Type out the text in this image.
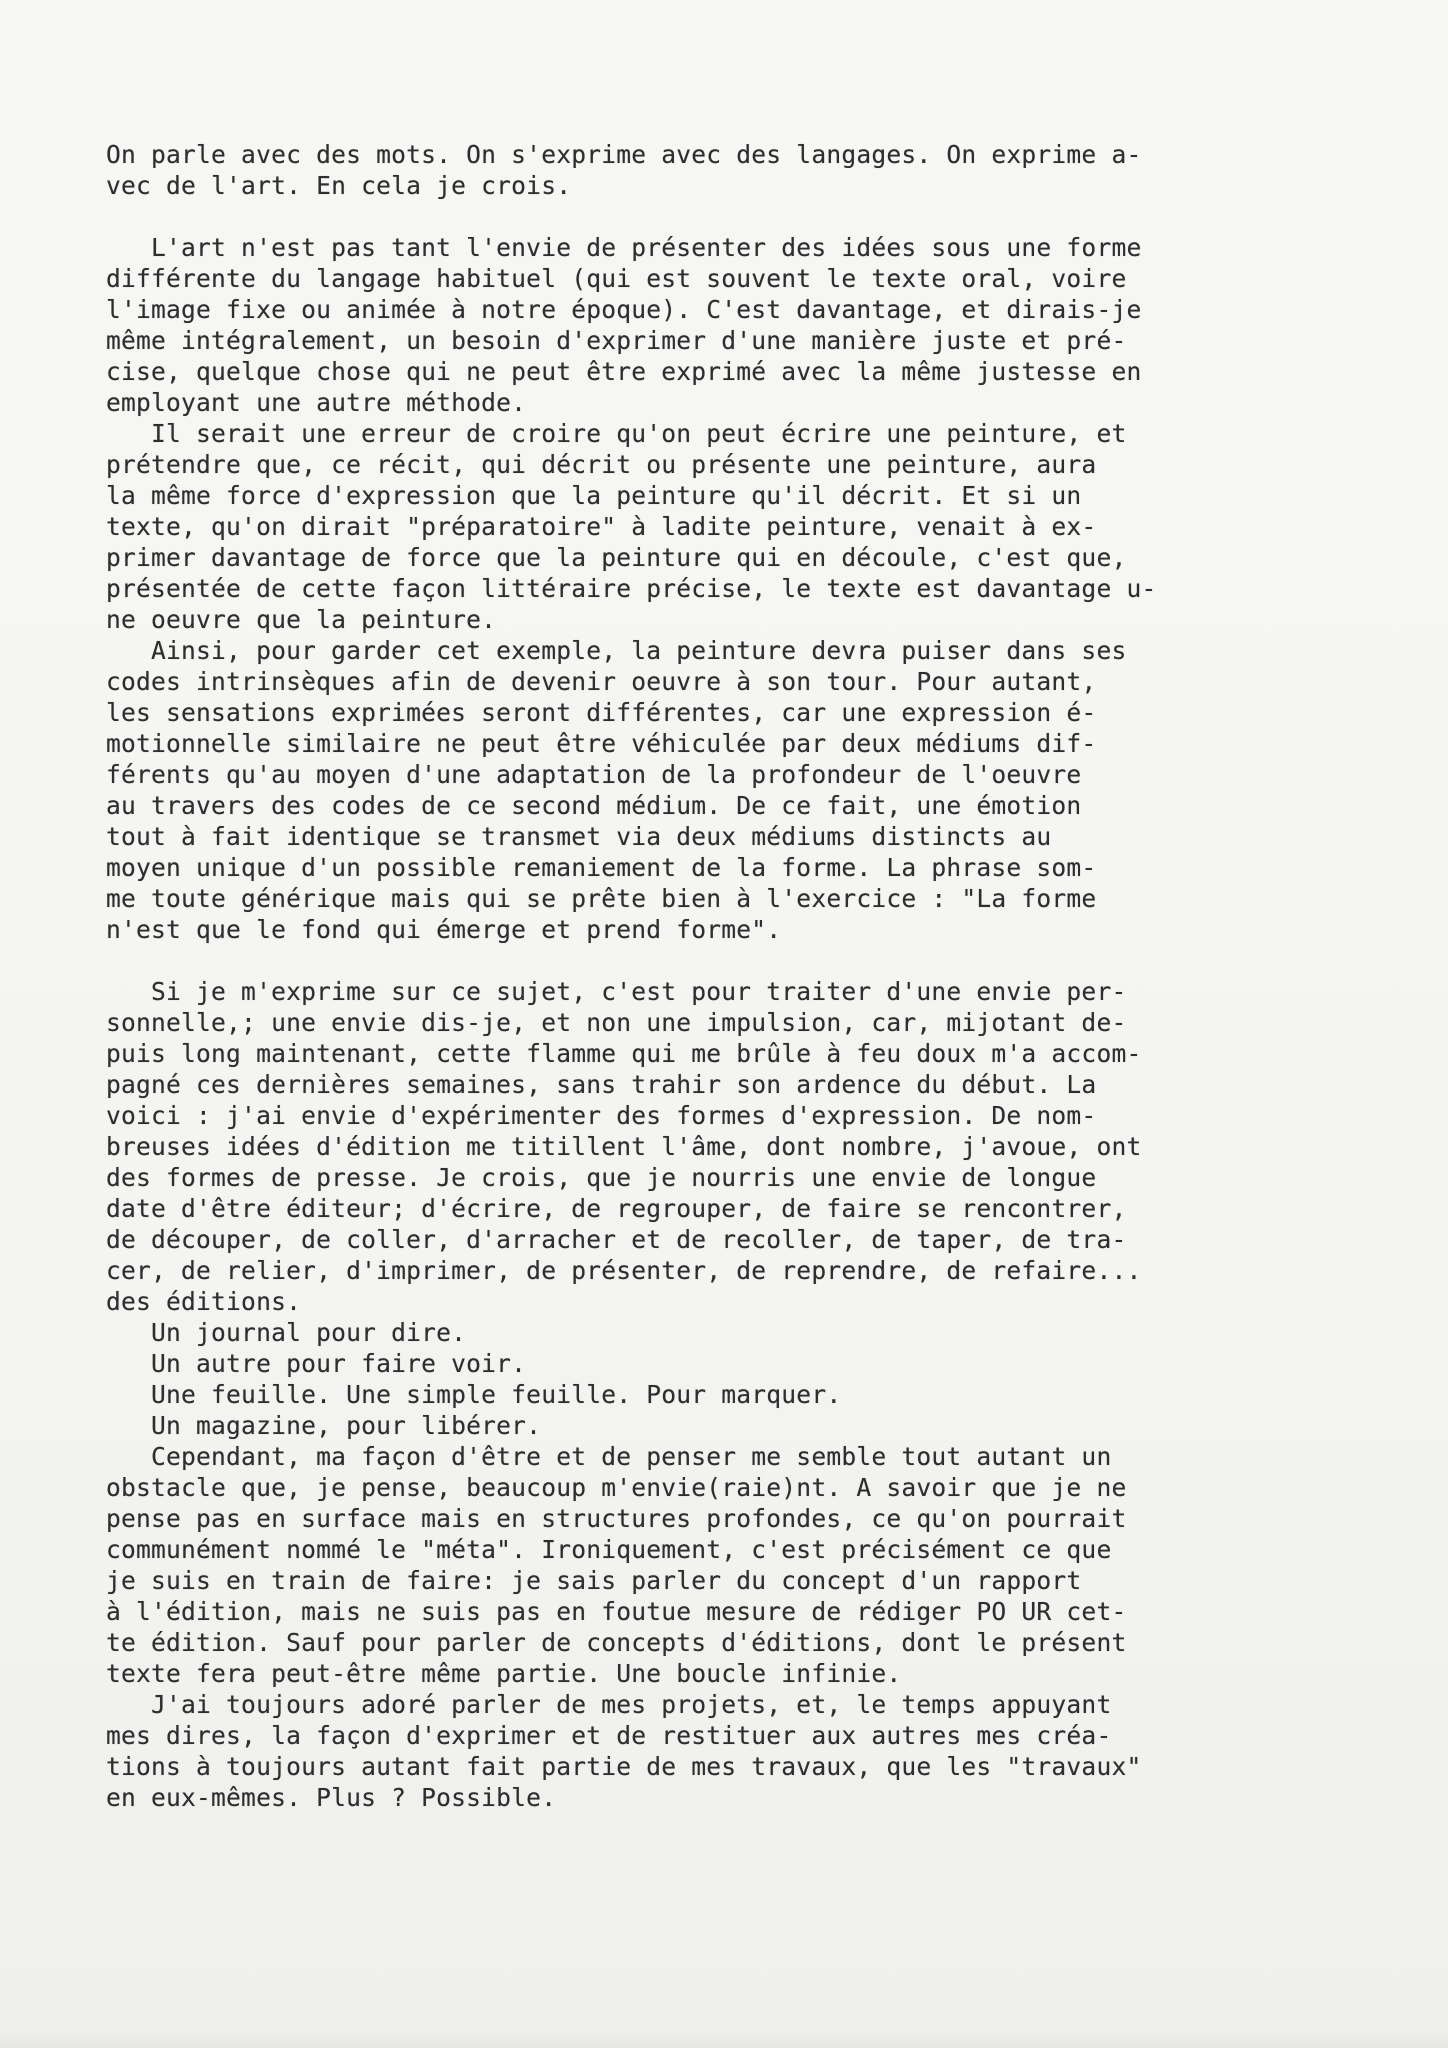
On parle avec des mots. On s'exprime avec des langages. On exprime a-
vec de l'art. En cela je crois.
L'art n'est pas tant l'envie de présenter des idées sous une forme
différente du langage habituel (qui est souvent le texte oral, voire
l'image fixe ou animée à notre époque). C'est davantage, et dirais-je
même intégralement, un besoin d'exprimer d'une manière juste et pré-
cise, quelque chose qui ne peut être exprimé avec la même justesse en
employant une autre méthode.
Il serait une erreur de croire qu'on peut écrire une peinture, et
prétendre que, ce récit, qui décrit ou présente une peinture, aura
la même force d'expression que la peinture qu'il décrit. Et si un
texte, qu'on dirait "préparatoire" à ladite peinture, venait à ex-
primer davantage de force que la peinture qui en découle, c'est que,
présentée de cette façon littéraire précise, le texte est davantage u-
ne oeuvre que la peinture.
Ainsi, pour garder cet exemple, la peinture devra puiser dans ses
codes intrinsèques afin de devenir oeuvre à son tour. Pour autant,
les sensations exprimées seront différentes, car une expression é-
motionnelle similaire ne peut être véhiculée par deux médiums dif-
férents qu'au moyen d'une adaptation de la profondeur de l'oeuvre
au travers des codes de ce second médium. De ce fait, une émotion
tout à fait identique se transmet via deux médiums distincts au
moyen unique d'un possible remaniement de la forme. La phrase som-
me toute générique mais qui se prête bien à l'exercice : "La forme
n'est que le fond qui émerge et prend forme".
Si je m'exprime sur ce sujet, c'est pour traiter d'une envie per-
sonnelle,; une envie dis-je, et non une impulsion, car, mijotant de-
puis long maintenant, cette flamme qui me brûle à feu doux m'a accom-
pagné ces dernières semaines, sans trahir son ardence du début. La
voici : j'ai envie d'expérimenter des formes d'expression. De nom-
breuses idées d'édition me titillent l'âme, dont nombre, j'avoue, ont
des formes de presse. Je crois, que je nourris une envie de longue
date d'être éditeur; d'écrire, de regrouper, de faire se rencontrer,
de découper, de coller, d'arracher et de recoller, de taper, de tra-
cer, de relier, d'imprimer, de présenter, de reprendre, de refaire...
des éditions.
Un journal pour dire.
Un autre pour faire voir.
Une feuille. Une simple feuille. Pour marquer.
Un magazine, pour libérer.
Cependant, ma façon d'être et de penser me semble tout autant un
obstacle que, je pense, beaucoup m'envie(raie)nt. A savoir que je ne
pense pas en surface mais en structures profondes, ce qu'on pourrait
communément nommé le "méta". Ironiquement, c'est précisément ce que
je suis en train de faire: je sais parler du concept d'un rapport
à l'édition, mais ne suis pas en foutue mesure de rédiger PO UR cet-
te édition. Sauf pour parler de concepts d'éditions, dont le présent
texte fera peut-être même partie. Une boucle infinie.
J'ai toujours adoré parler de mes projets, et, le temps appuyant
mes dires, la façon d'exprimer et de restituer aux autres mes créa-
tions à toujours autant fait partie de mes travaux, que les "travaux"
en eux-mêmes. Plus ? Possible.
